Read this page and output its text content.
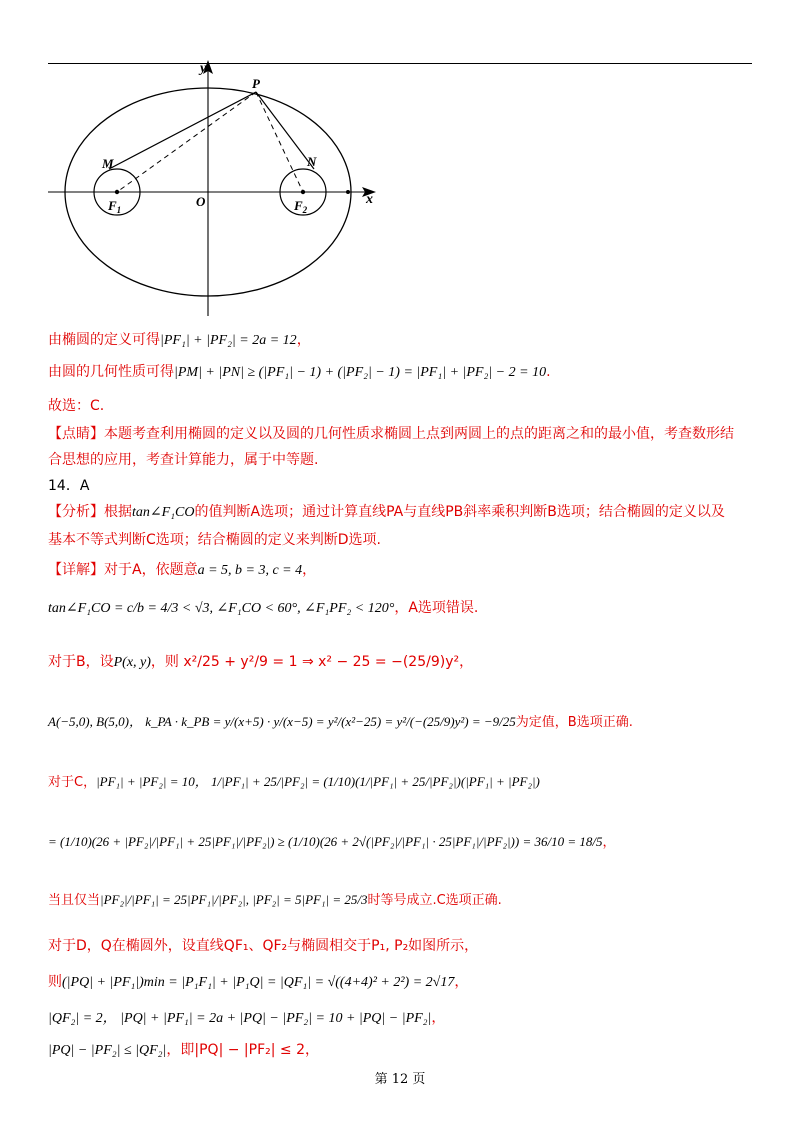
y
x
O
P
M	N
$F_1$	$F_2$
由椭圆的定义可得|PF₁| + |PF₂| = 2a = 12，
由圆的几何性质可得|PM| + |PN| ≥ (|PF₁| − 1) + (|PF₂| − 1) = |PF₁| + |PF₂| − 2 = 10.
故选：C.
【点睛】本题考查利用椭圆的定义以及圆的几何性质求椭圆上点到两圆上的点的距离之和的最小值，考查数形结
合思想的应用，考查计算能力，属于中等题.
14．A
【分析】根据tan∠F₁CO的值判断A选项；通过计算直线PA与直线PB斜率乘积判断B选项；结合椭圆的定义以及
基本不等式判断C选项；结合椭圆的定义来判断D选项.
【详解】对于A，依题意a = 5, b = 3, c = 4，
tan∠F₁CO = c/b = 4/3 < √3, ∠F₁CO < 60°, ∠F₁PF₂ < 120°，A选项错误.
对于B，设P(x, y)，则 x²/25 + y²/9 = 1 ⇒ x² − 25 = −(25/9)y²，
A(−5,0), B(5,0)， k_PA · k_PB = y/(x+5) · y/(x−5) = y²/(x²−25) = y²/(−(25/9)y²) = −9/25为定值，B选项正确.
对于C，|PF₁| + |PF₂| = 10， 1/|PF₁| + 25/|PF₂| = (1/10)(1/|PF₁| + 25/|PF₂|)(|PF₁| + |PF₂|)
= (1/10)(26 + |PF₂|/|PF₁| + 25|PF₁|/|PF₂|) ≥ (1/10)(26 + 2√(|PF₂|/|PF₁| · 25|PF₁|/|PF₂|)) = 36/10 = 18/5，
当且仅当|PF₂|/|PF₁| = 25|PF₁|/|PF₂|, |PF₂| = 5|PF₁| = 25/3时等号成立.C选项正确.
对于D，Q在椭圆外，设直线QF₁、QF₂与椭圆相交于P₁, P₂如图所示，
则(|PQ| + |PF₁|)min = |P₁F₁| + |P₁Q| = |QF₁| = √((4+4)² + 2²) = 2√17，
|QF₂| = 2， |PQ| + |PF₁| = 2a + |PQ| − |PF₂| = 10 + |PQ| − |PF₂|，
|PQ| − |PF₂| ≤ |QF₂|，即|PQ| − |PF₂| ≤ 2，
第 12 页
